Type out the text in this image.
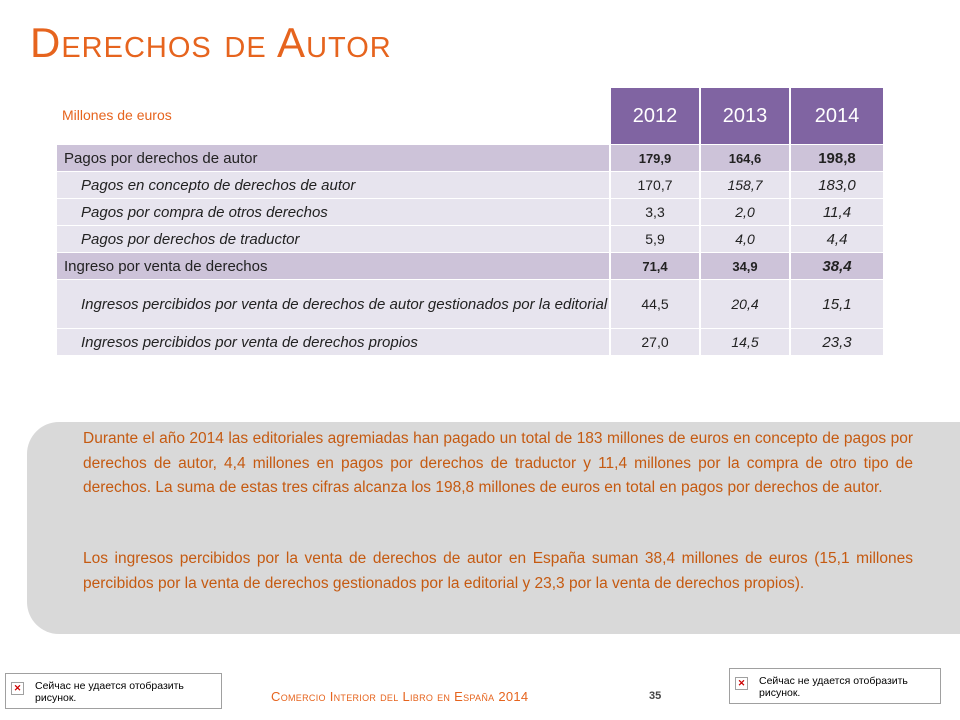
Derechos de Autor
Millones de euros
		2012	2013	2014
Pagos por derechos de autor	179,9	164,6	198,8
Pagos en concepto de derechos de autor	170,7	158,7	183,0
Pagos por compra de otros derechos	3,3	2,0	11,4
Pagos por derechos de traductor	5,9	4,0	4,4
Ingreso por venta de derechos	71,4	34,9	38,4
Ingresos percibidos por venta de derechos de autor gestionados por la editorial	44,5	20,4	15,1
Ingresos percibidos por venta de derechos propios	27,0	14,5	23,3

Durante el año 2014 las editoriales agremiadas han pagado un total de 183 millones de euros en concepto de pagos por derechos de autor, 4,4 millones en pagos por derechos de traductor y 11,4 millones por la compra de otro tipo de derechos. La suma de estas tres cifras alcanza los 198,8 millones de euros en total en pagos por derechos de autor.

Los ingresos percibidos por la venta de derechos de autor en España suman 38,4 millones de euros (15,1 millones percibidos por la venta de derechos gestionados por la editorial y 23,3 por la venta de derechos propios).

✕ Сейчас не удается отобразить рисунок.
✕ Сейчас не удается отобразить рисунок.
Comercio Interior del Libro en España 2014	35
